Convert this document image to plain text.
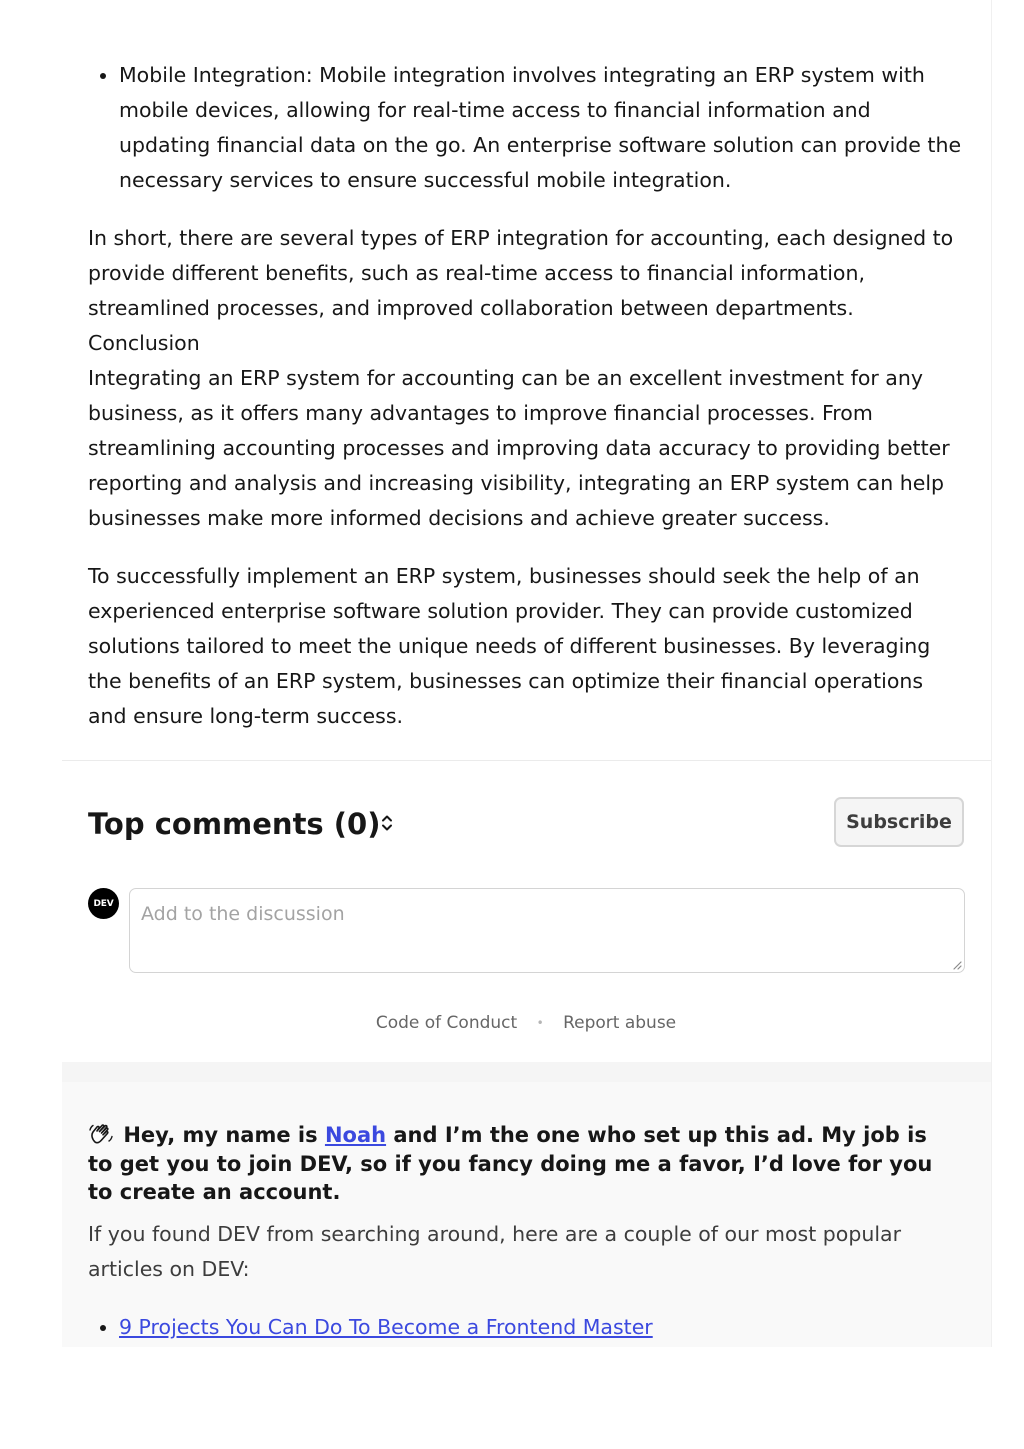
• Mobile Integration: Mobile integration involves integrating an ERP system with mobile devices, allowing for real-time access to financial information and updating financial data on the go. An enterprise software solution can provide the necessary services to ensure successful mobile integration.

In short, there are several types of ERP integration for accounting, each designed to provide different benefits, such as real-time access to financial information, streamlined processes, and improved collaboration between departments.

Conclusion

Integrating an ERP system for accounting can be an excellent investment for any business, as it offers many advantages to improve financial processes. From streamlining accounting processes and improving data accuracy to providing better reporting and analysis and increasing visibility, integrating an ERP system can help businesses make more informed decisions and achieve greater success.

To successfully implement an ERP system, businesses should seek the help of an experienced enterprise software solution provider. They can provide customized solutions tailored to meet the unique needs of different businesses. By leveraging the benefits of an ERP system, businesses can optimize their financial operations and ensure long-term success.

Top comments (0)	Subscribe
DEV
Add to the discussion
Code of Conduct • Report abuse
Hey, my name is Noah and I’m the one who set up this ad. My job is to get you to join DEV, so if you fancy doing me a favor, I’d love for you to create an account.
If you found DEV from searching around, here are a couple of our most popular articles on DEV:
• 9 Projects You Can Do To Become a Frontend Master
